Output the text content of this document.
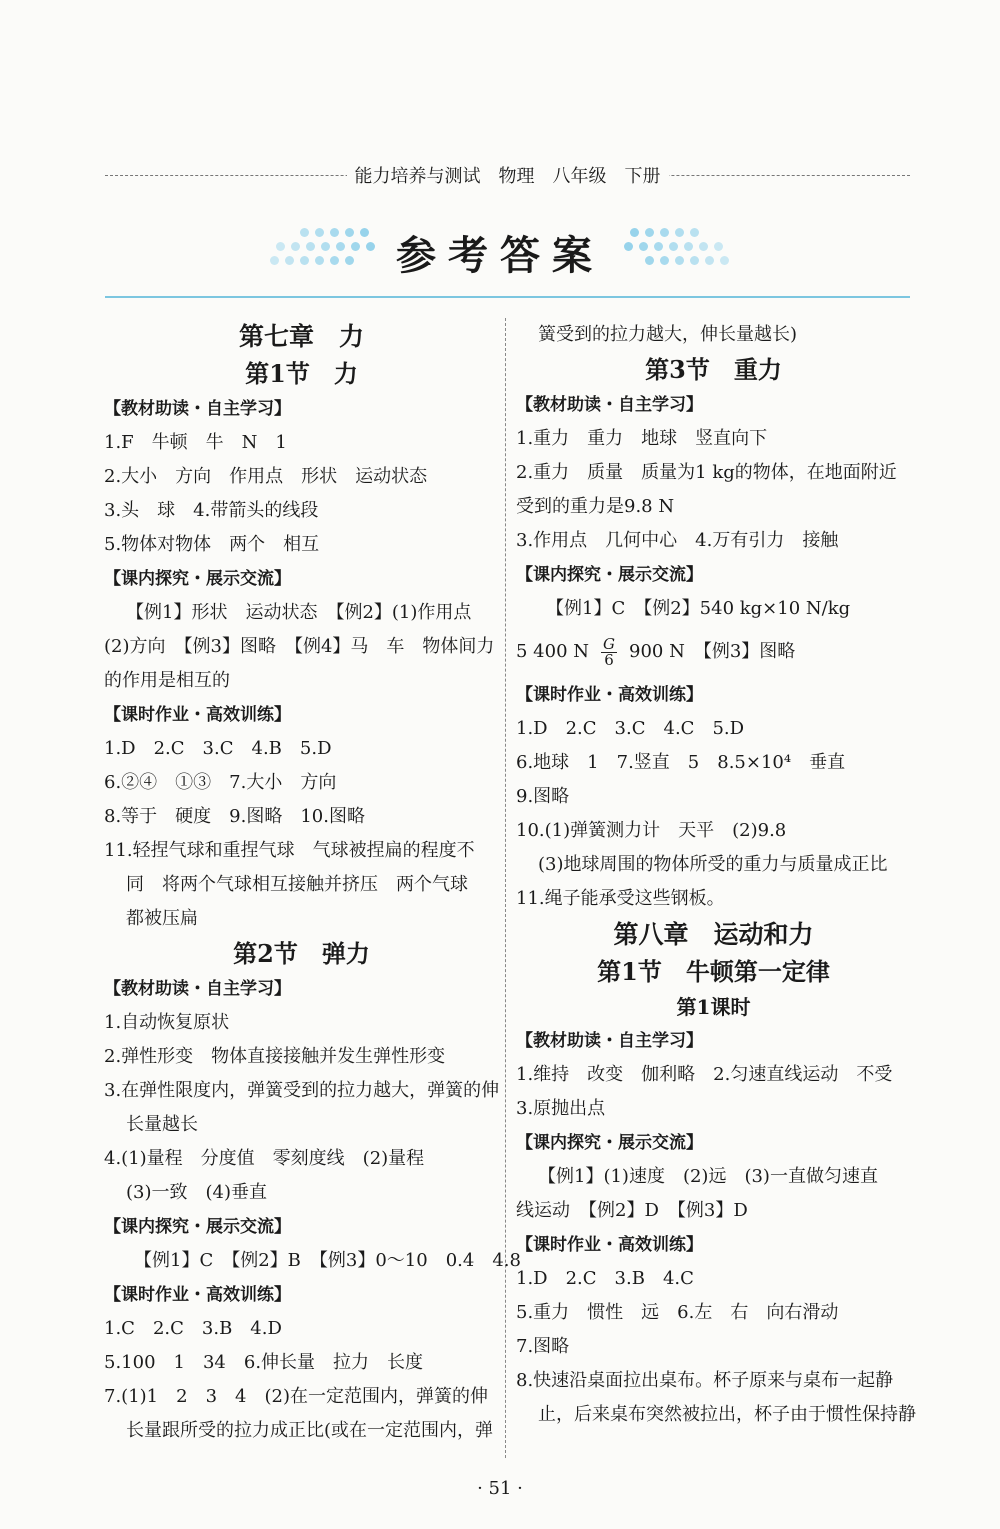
能力培养与测试　物理　八年级　下册
参考答案
第七章　力
第1节　力
【教材助读・自主学习】
1.F　牛顿　牛　N　1
2.大小　方向　作用点　形状　运动状态
3.头　球　4.带箭头的线段
5.物体对物体　两个　相互
【课内探究・展示交流】
【例1】形状　运动状态　【例2】(1)作用点
(2)方向　【例3】图略　【例4】马　车　物体间力
的作用是相互的
【课时作业・高效训练】
1.D　2.C　3.C　4.B　5.D
6.②④　①③　7.大小　方向
8.等于　硬度　9.图略　10.图略
11.轻捏气球和重捏气球　气球被捏扁的程度不
同　将两个气球相互接触并挤压　两个气球
都被压扁
第2节　弹力
【教材助读・自主学习】
1.自动恢复原状
2.弹性形变　物体直接接触并发生弹性形变
3.在弹性限度内，弹簧受到的拉力越大，弹簧的伸
长量越长
4.(1)量程　分度值　零刻度线　(2)量程
(3)一致　(4)垂直
【课内探究・展示交流】
【例1】C　【例2】B　【例3】0～10　0.4　4.8
【课时作业・高效训练】
1.C　2.C　3.B　4.D
5.100　1　34　6.伸长量　拉力　长度
7.(1)1　2　3　4　(2)在一定范围内，弹簧的伸
长量跟所受的拉力成正比(或在一定范围内，弹
簧受到的拉力越大，伸长量越长)
第3节　重力
【教材助读・自主学习】
1.重力　重力　地球　竖直向下
2.重力　质量　质量为1 kg的物体，在地面附近
受到的重力是9.8 N
3.作用点　几何中心　4.万有引力　接触
【课内探究・展示交流】
【例1】C　【例2】540 kg×10 N/kg
5 400 N $\frac{G}{6} 900$ N　【例3】图略
【课时作业・高效训练】
1.D　2.C　3.C　4.C　5.D
6.地球　1　7.竖直　5　8.5×10⁴　垂直
9.图略
10.(1)弹簧测力计　天平　(2)9.8
(3)地球周围的物体所受的重力与质量成正比
11.绳子能承受这些钢板。
第八章　运动和力
第1节　牛顿第一定律
第1课时
【教材助读・自主学习】
1.维持　改变　伽利略　2.匀速直线运动　不受
3.原抛出点
【课内探究・展示交流】
【例1】(1)速度　(2)远　(3)一直做匀速直
线运动　【例2】D　【例3】D
【课时作业・高效训练】
1.D　2.C　3.B　4.C
5.重力　惯性　远　6.左　右　向右滑动
7.图略
8.快速沿桌面拉出桌布。杯子原来与桌布一起静
止，后来桌布突然被拉出，杯子由于惯性保持静
· 51 ·
